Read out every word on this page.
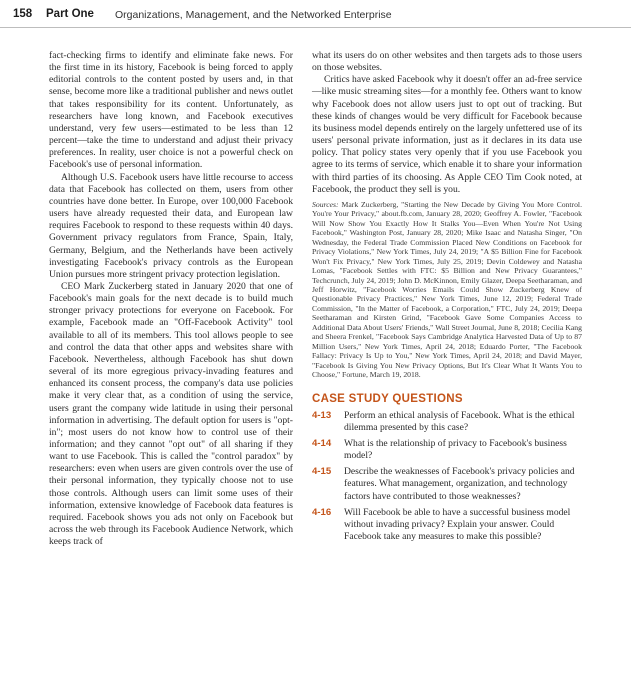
158 Part One Organizations, Management, and the Networked Enterprise

fact-checking firms to identify and eliminate fake news. For the first time in its history, Facebook is being forced to apply editorial controls to the content posted by users and, in that sense, become more like a traditional publisher and news outlet that takes responsibility for its content. Unfortunately, as researchers have long known, and Facebook executives understand, very few users—estimated to be less than 12 percent—take the time to understand and adjust their privacy preferences. In reality, user choice is not a powerful check on Facebook's use of personal information.

Although U.S. Facebook users have little recourse to access data that Facebook has collected on them, users from other countries have done better. In Europe, over 100,000 Facebook users have already requested their data, and European law requires Facebook to respond to these requests within 40 days. Government privacy regulators from France, Spain, Italy, Germany, Belgium, and the Netherlands have been actively investigating Facebook's privacy controls as the European Union pursues more stringent privacy protection legislation.

CEO Mark Zuckerberg stated in January 2020 that one of Facebook's main goals for the next decade is to build much stronger privacy protections for everyone on Facebook. For example, Facebook made an "Off-Facebook Activity" tool available to all of its members. This tool allows people to see and control the data that other apps and websites share with Facebook. Nevertheless, although Facebook has shut down several of its more egregious privacy-invading features and enhanced its consent process, the company's data use policies make it very clear that, as a condition of using the service, users grant the company wide latitude in using their personal information in advertising. The default option for users is "opt-in"; most users do not know how to control use of their information; and they cannot "opt out" of all sharing if they want to use Facebook. This is called the "control paradox" by researchers: even when users are given controls over the use of their personal information, they typically choose not to use those controls. Although users can limit some uses of their information, extensive knowledge of Facebook data features is required. Facebook shows you ads not only on Facebook but across the web through its Facebook Audience Network, which keeps track of

what its users do on other websites and then targets ads to those users on those websites.

Critics have asked Facebook why it doesn't offer an ad-free service—like music streaming sites—for a monthly fee. Others want to know why Facebook does not allow users just to opt out of tracking. But these kinds of changes would be very difficult for Facebook because its business model depends entirely on the largely unfettered use of its users' personal private information, just as it declares in its data use policy. That policy states very openly that if you use Facebook you agree to its terms of service, which enable it to share your information with third parties of its choosing. As Apple CEO Tim Cook noted, at Facebook, the product they sell is you.

Sources: Mark Zuckerberg, "Starting the New Decade by Giving You More Control. You're Your Privacy," about.fb.com, January 28, 2020; Geoffrey A. Fowler, "Facebook Will Now Show You Exactly How It Stalks You—Even When You're Not Using Facebook," Washington Post, January 28, 2020; Mike Isaac and Natasha Singer, "On Wednesday, the Federal Trade Commission Placed New Conditions on Facebook for Privacy Violations," New York Times, July 24, 2019; "A $5 Billion Fine for Facebook Won't Fix Privacy," New York Times, July 25, 2019; Devin Coldewey and Natasha Lomas, "Facebook Settles with FTC: $5 Billion and New Privacy Guarantees," Techcrunch, July 24, 2019; John D. McKinnon, Emily Glazer, Deepa Seetharaman, and Jeff Horwitz, "Facebook Worries Emails Could Show Zuckerberg Knew of Questionable Privacy Practices," New York Times, June 12, 2019; Federal Trade Commission, "In the Matter of Facebook, a Corporation," FTC, July 24, 2019; Deepa Seetharaman and Kirsten Grind, "Facebook Gave Some Companies Access to Additional Data About Users' Friends," Wall Street Journal, June 8, 2018; Cecilia Kang and Sheera Frenkel, "Facebook Says Cambridge Analytica Harvested Data of Up to 87 Million Users," New York Times, April 24, 2018; Eduardo Porter, "The Facebook Fallacy: Privacy Is Up to You," New York Times, April 24, 2018; and David Mayer, "Facebook Is Giving You New Privacy Options, But It's Clear What It Wants You to Choose," Fortune, March 19, 2018.

CASE STUDY QUESTIONS
4-13 Perform an ethical analysis of Facebook. What is the ethical dilemma presented by this case?
4-14 What is the relationship of privacy to Facebook's business model?
4-15 Describe the weaknesses of Facebook's privacy policies and features. What management, organization, and technology factors have contributed to those weaknesses?
4-16 Will Facebook be able to have a successful business model without invading privacy? Explain your answer. Could Facebook take any measures to make this possible?
